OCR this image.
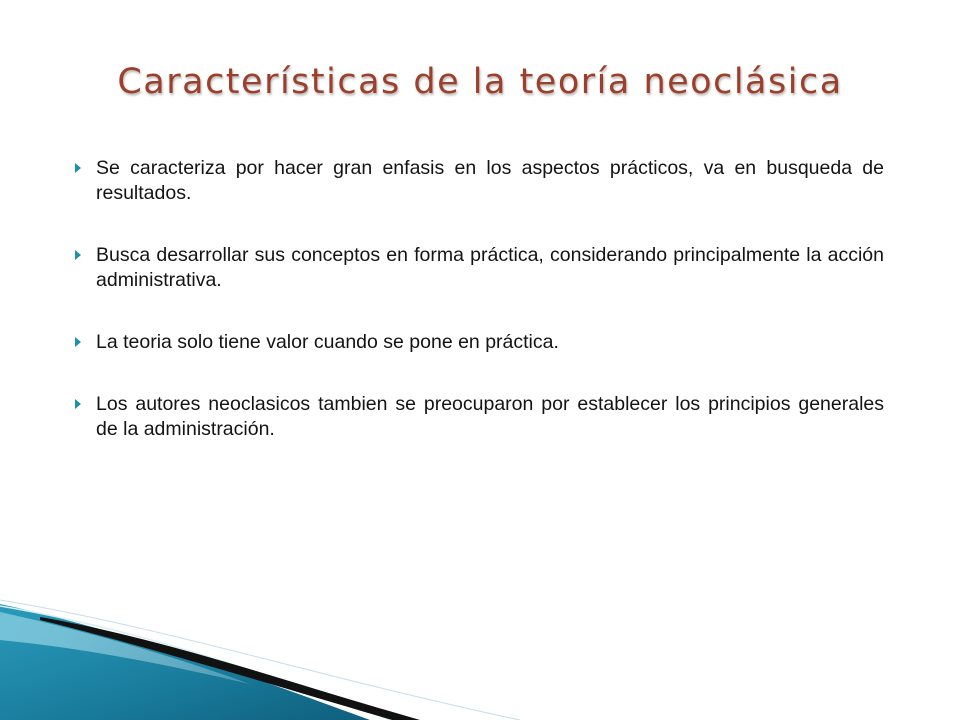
Características de la teoría neoclásica
Se caracteriza por hacer gran enfasis en los aspectos prácticos, va en busqueda de resultados.
Busca desarrollar sus conceptos en forma práctica, considerando principalmente la acción administrativa.
La teoria solo tiene valor cuando se pone en práctica.
Los autores neoclasicos tambien se preocuparon por establecer los principios generales de la administración.
